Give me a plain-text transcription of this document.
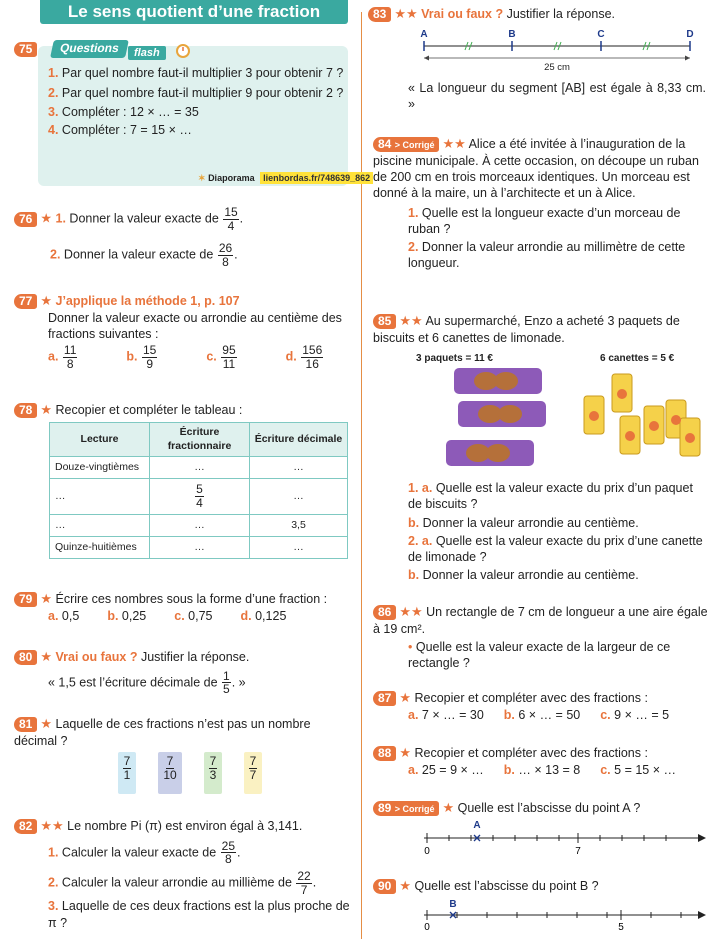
Le sens quotient d’une fraction
75	Questions	flash
1. Par quel nombre faut-il multiplier 3 pour obtenir 7 ?
2. Par quel nombre faut-il multiplier 9 pour obtenir 2 ?
3. Compléter : 12 × … = 35
4. Compléter : 7 = 15 × …
✶ Diaporama lienbordas.fr/748639_862
76 ★ 1. Donner la valeur exacte de $\frac{15}{4}$ .
2. Donner la valeur exacte de $\frac{26}{8}$ .
77 ★ J’applique la méthode 1, p. 107
Donner la valeur exacte ou arrondie au centième des fractions suivantes :
a. $\frac{11}{8}$	b. $\frac{15}{9}$	c. $\frac{95}{11}$	d. $\frac{156}{16}$
78 ★ Recopier et compléter le tableau :
Lecture	Écriture fractionnaire	Écriture décimale
Douze-vingtièmes	…	…
…	$\frac{5}{4}$	…
…	…	3,5
Quinze-huitièmes	…	…
79 ★ Écrire ces nombres sous la forme d’une fraction :
a. 0,5 b. 0,25 c. 0,75 d. 0,125
80 ★ Vrai ou faux ? Justifier la réponse.
« 1,5 est l’écriture décimale de $\frac{1}{5}$ . »
81 ★ Laquelle de ces fractions n’est pas un nombre décimal ?
$\frac{7}{1}$	$\frac{7}{10}$	$\frac{7}{3}$	$\frac{7}{7}$
82 ★★ Le nombre Pi (π) est environ égal à 3,141.
1. Calculer la valeur exacte de $\frac{25}{8}$ .
2. Calculer la valeur arrondie au millième de $\frac{22}{7}$ .
3. Laquelle de ces deux fractions est la plus proche de π ?
83 ★★ Vrai ou faux ? Justifier la réponse.
A	B	C	D
25 cm
« La longueur du segment [AB] est égale à 8,33 cm. »
84 > Corrigé ★★ Alice a été invitée à l’inauguration de la piscine municipale. À cette occasion, on découpe un ruban de 200 cm en trois morceaux identiques. Un morceau est donné à la maire, un à l’architecte et un à Alice.
1. Quelle est la longueur exacte d’un morceau de ruban ?
2. Donner la valeur arrondie au millimètre de cette longueur.
85 ★★ Au supermarché, Enzo a acheté 3 paquets de biscuits et 6 canettes de limonade.
3 paquets = 11 €	6 canettes = 5 €
1. a. Quelle est la valeur exacte du prix d’un paquet de biscuits ?
b. Donner la valeur arrondie au centième.
2. a. Quelle est la valeur exacte du prix d’une canette de limonade ?
b. Donner la valeur arrondie au centième.
86 ★★ Un rectangle de 7 cm de longueur a une aire égale à 19 cm².
• Quelle est la valeur exacte de la largeur de ce rectangle ?
87 ★ Recopier et compléter avec des fractions :
a. 7 × … = 30 b. 6 × … = 50 c. 9 × … = 5
88 ★ Recopier et compléter avec des fractions :
a. 25 = 9 × … b. … × 13 = 8 c. 5 = 15 × …
89 > Corrigé ★ Quelle est l’abscisse du point A ?
A
0	7
90 ★ Quelle est l’abscisse du point B ?
B
0	5
